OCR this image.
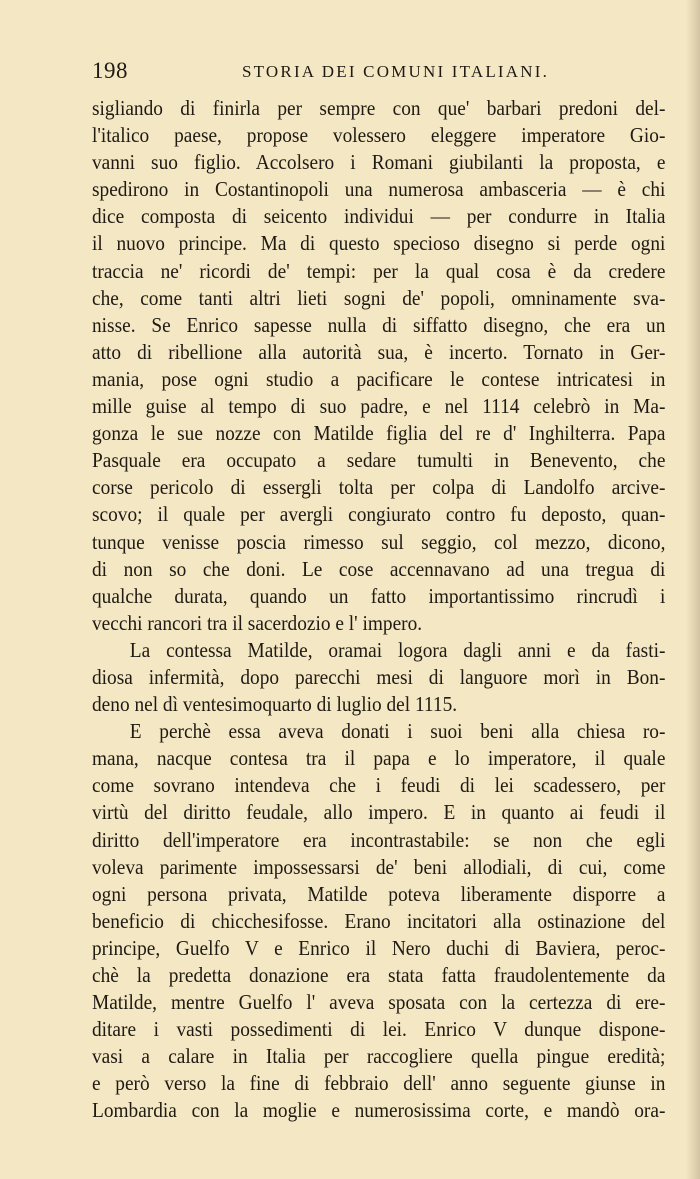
198	STORIA DEI COMUNI ITALIANI.
sigliando di finirla per sempre con que' barbari predoni del-
l'italico paese, propose volessero eleggere imperatore Gio-
vanni suo figlio. Accolsero i Romani giubilanti la proposta, e
spedirono in Costantinopoli una numerosa ambasceria — è chi
dice composta di seicento individui — per condurre in Italia
il nuovo principe. Ma di questo specioso disegno si perde ogni
traccia ne' ricordi de' tempi: per la qual cosa è da credere
che, come tanti altri lieti sogni de' popoli, omninamente sva-
nisse. Se Enrico sapesse nulla di siffatto disegno, che era un
atto di ribellione alla autorità sua, è incerto. Tornato in Ger-
mania, pose ogni studio a pacificare le contese intricatesi in
mille guise al tempo di suo padre, e nel 1114 celebrò in Ma-
gonza le sue nozze con Matilde figlia del re d' Inghilterra. Papa
Pasquale era occupato a sedare tumulti in Benevento, che
corse pericolo di essergli tolta per colpa di Landolfo arcive-
scovo; il quale per avergli congiurato contro fu deposto, quan-
tunque venisse poscia rimesso sul seggio, col mezzo, dicono,
di non so che doni. Le cose accennavano ad una tregua di
qualche durata, quando un fatto importantissimo rincrudì i
vecchi rancori tra il sacerdozio e l' impero.
La contessa Matilde, oramai logora dagli anni e da fasti-
diosa infermità, dopo parecchi mesi di languore morì in Bon-
deno nel dì ventesimoquarto di luglio del 1115.
E perchè essa aveva donati i suoi beni alla chiesa ro-
mana, nacque contesa tra il papa e lo imperatore, il quale
come sovrano intendeva che i feudi di lei scadessero, per
virtù del diritto feudale, allo impero. E in quanto ai feudi il
diritto dell'imperatore era incontrastabile: se non che egli
voleva parimente impossessarsi de' beni allodiali, di cui, come
ogni persona privata, Matilde poteva liberamente disporre a
beneficio di chicchesifosse. Erano incitatori alla ostinazione del
principe, Guelfo V e Enrico il Nero duchi di Baviera, peroc-
chè la predetta donazione era stata fatta fraudolentemente da
Matilde, mentre Guelfo l' aveva sposata con la certezza di ere-
ditare i vasti possedimenti di lei. Enrico V dunque dispone-
vasi a calare in Italia per raccogliere quella pingue eredità;
e però verso la fine di febbraio dell' anno seguente giunse in
Lombardia con la moglie e numerosissima corte, e mandò ora-
